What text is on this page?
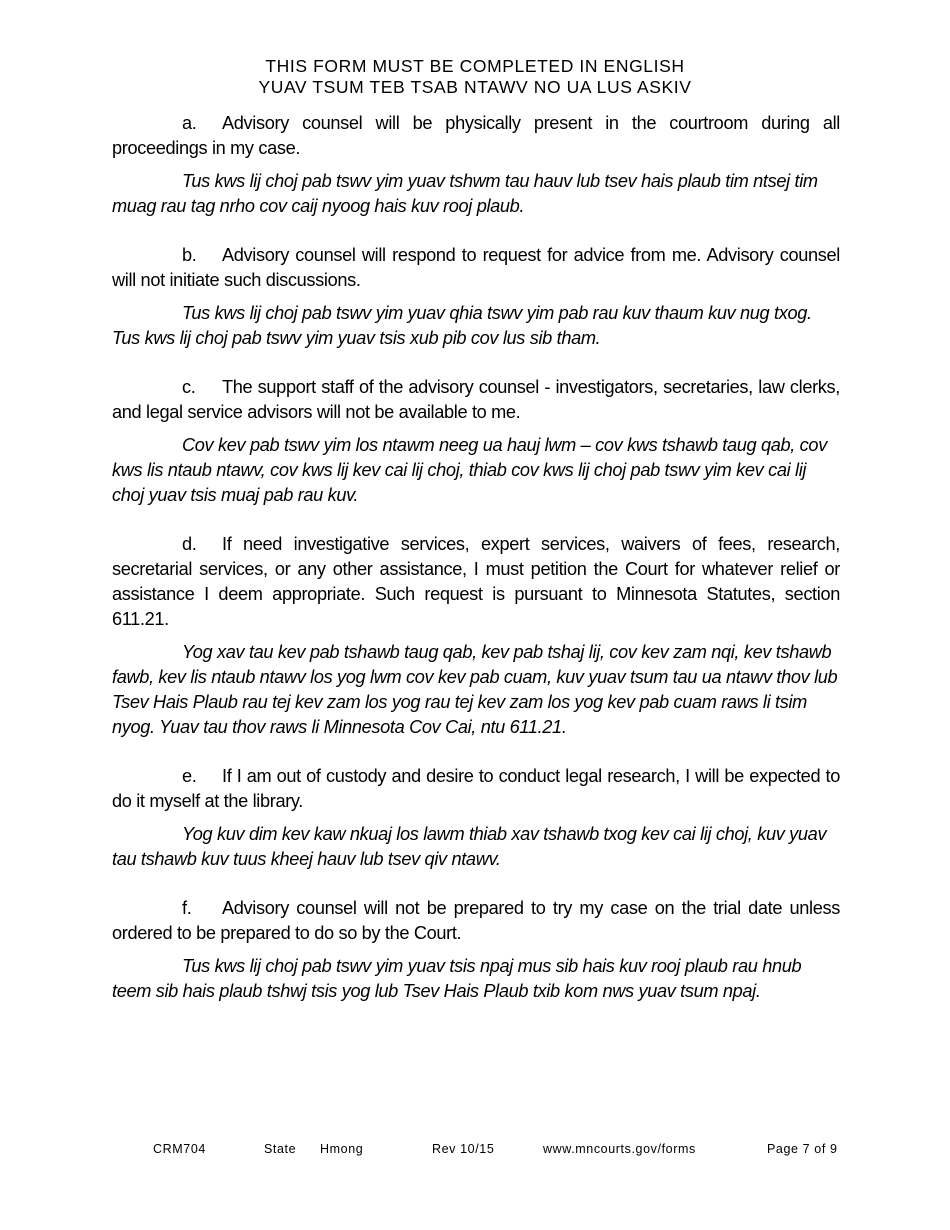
THIS FORM MUST BE COMPLETED IN ENGLISH
YUAV TSUM TEB TSAB NTAWV NO UA LUS ASKIV

a. Advisory counsel will be physically present in the courtroom during all proceedings in my case.

Tus kws lij choj pab tswv yim yuav tshwm tau hauv lub tsev hais plaub tim ntsej tim muag rau tag nrho cov caij nyoog hais kuv rooj plaub.

b. Advisory counsel will respond to request for advice from me. Advisory counsel will not initiate such discussions.

Tus kws lij choj pab tswv yim yuav qhia tswv yim pab rau kuv thaum kuv nug txog. Tus kws lij choj pab tswv yim yuav tsis xub pib cov lus sib tham.

c. The support staff of the advisory counsel - investigators, secretaries, law clerks, and legal service advisors will not be available to me.

Cov kev pab tswv yim los ntawm neeg ua hauj lwm – cov kws tshawb taug qab, cov kws lis ntaub ntawv, cov kws lij kev cai lij choj, thiab cov kws lij choj pab tswv yim kev cai lij choj yuav tsis muaj pab rau kuv.

d. If need investigative services, expert services, waivers of fees, research, secretarial services, or any other assistance, I must petition the Court for whatever relief or assistance I deem appropriate. Such request is pursuant to Minnesota Statutes, section 611.21.

Yog xav tau kev pab tshawb taug qab, kev pab tshaj lij, cov kev zam nqi, kev tshawb fawb, kev lis ntaub ntawv los yog lwm cov kev pab cuam, kuv yuav tsum tau ua ntawv thov lub Tsev Hais Plaub rau tej kev zam los yog rau tej kev zam los yog kev pab cuam raws li tsim nyog. Yuav tau thov raws li Minnesota Cov Cai, ntu 611.21.

e. If I am out of custody and desire to conduct legal research, I will be expected to do it myself at the library.

Yog kuv dim kev kaw nkuaj los lawm thiab xav tshawb txog kev cai lij choj, kuv yuav tau tshawb kuv tuus kheej hauv lub tsev qiv ntawv.

f. Advisory counsel will not be prepared to try my case on the trial date unless ordered to be prepared to do so by the Court.

Tus kws lij choj pab tswv yim yuav tsis npaj mus sib hais kuv rooj plaub rau hnub teem sib hais plaub tshwj tsis yog lub Tsev Hais Plaub txib kom nws yuav tsum npaj.

CRM704	State Hmong	Rev 10/15	www.mncourts.gov/forms	Page 7 of 9
